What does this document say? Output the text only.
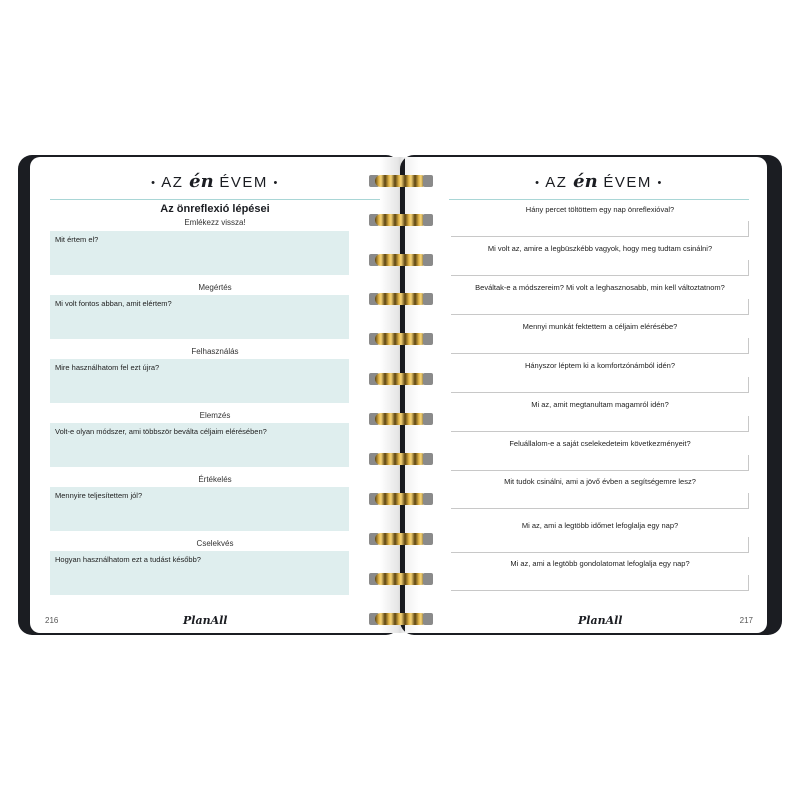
• AZ én ÉVEM •
Az önreflexió lépései
Emlékezz vissza!
Mit értem el?
Megértés
Mi volt fontos abban, amit elértem?
Felhasználás
Mire használhatom fel ezt újra?
Elemzés
Volt-e olyan módszer, ami többször beválta céljaim elérésében?
Értékelés
Mennyire teljesítettem jól?
Cselekvés
Hogyan használhatom ezt a tudást később?
216	PlanAll
• AZ én ÉVEM •
Hány percet töltöttem egy nap önreflexióval?
Mi volt az, amire a legbüszkébb vagyok, hogy meg tudtam csinálni?
Beváltak-e a módszereim? Mi volt a leghasznosabb, min kell változtatnom?
Mennyi munkát fektettem a céljaim elérésébe?
Hányszor léptem ki a komfortzónámból idén?
Mi az, amit megtanultam magamról idén?
Feluállalom-e a saját cselekedeteim következményeit?
Mit tudok csinálni, ami a jövő évben a segítségemre lesz?
Mi az, ami a legtöbb időmet lefoglalja egy nap?
Mi az, ami a legtöbb gondolatomat lefoglalja egy nap?
PlanAll	217
